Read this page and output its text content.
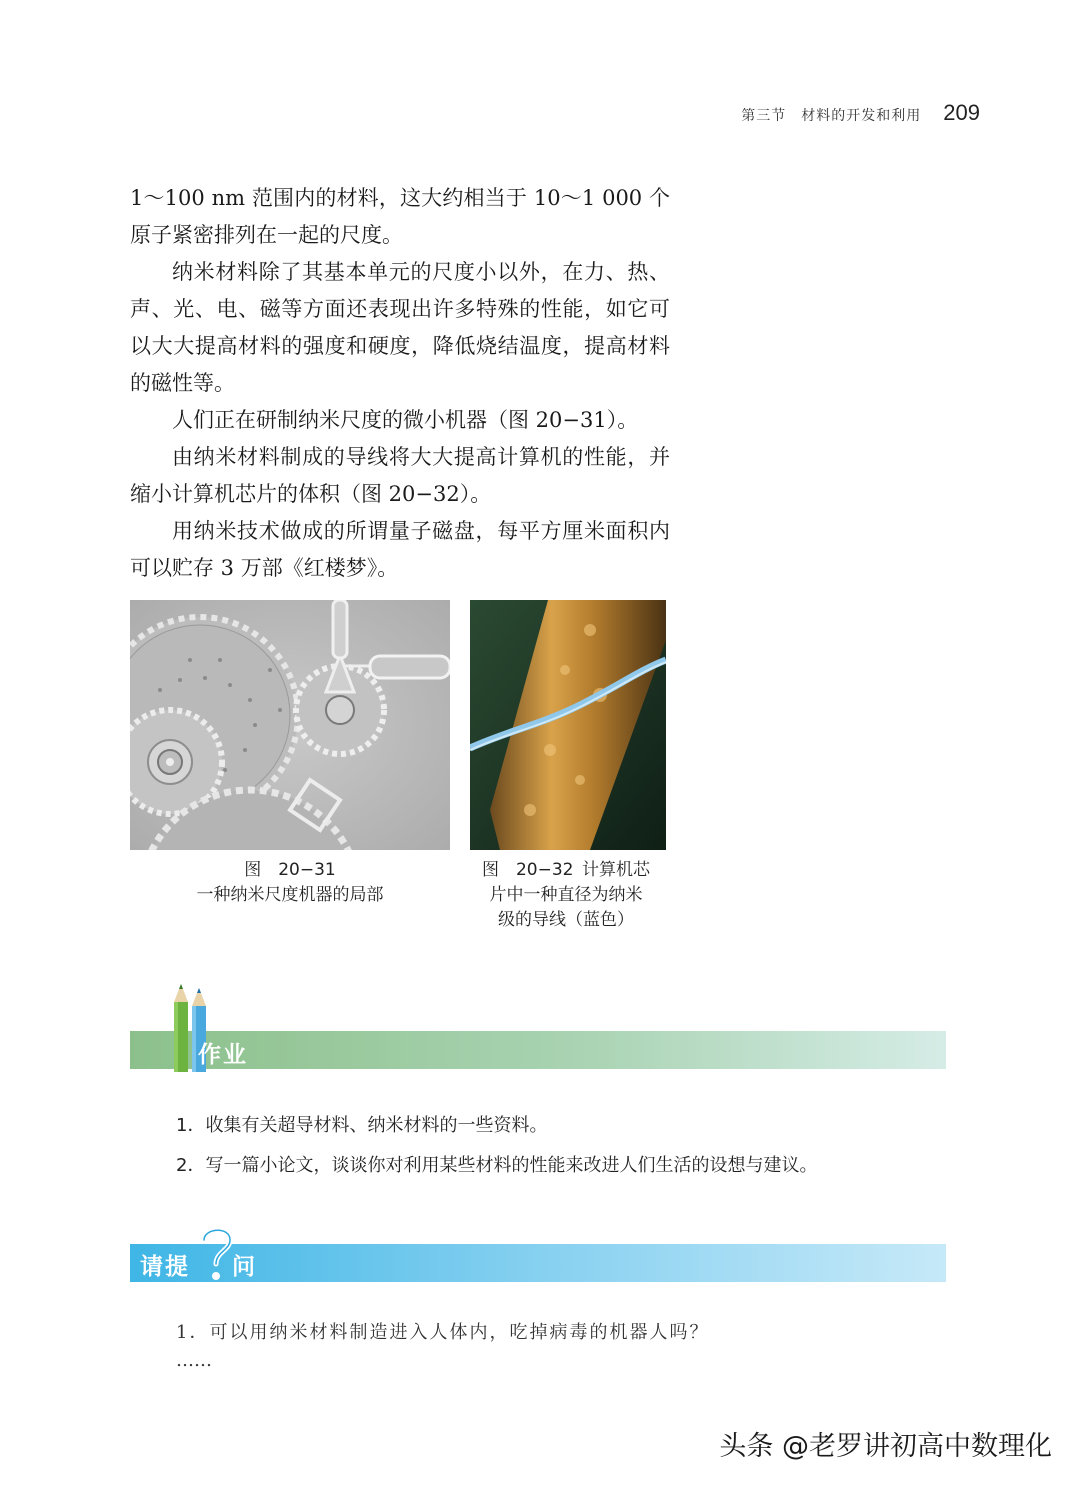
第三节　材料的开发和利用 209

1～100 nm 范围内的材料，这大约相当于 10～1 000 个原子紧密排列在一起的尺度。

纳米材料除了其基本单元的尺度小以外，在力、热、声、光、电、磁等方面还表现出许多特殊的性能，如它可以大大提高材料的强度和硬度，降低烧结温度，提高材料的磁性等。

人们正在研制纳米尺度的微小机器（图 20−31）。

由纳米材料制成的导线将大大提高计算机的性能，并缩小计算机芯片的体积（图 20−32）。

用纳米技术做成的所谓量子磁盘，每平方厘米面积内可以贮存 3 万部《红楼梦》。

图　20−31
一种纳米尺度机器的局部
图　20−32  计算机芯
片中一种直径为纳米
级的导线（蓝色）
作业
1．收集有关超导材料、纳米材料的一些资料。
2．写一篇小论文，谈谈你对利用某些材料的性能来改进人们生活的设想与建议。
请提 问
1．可以用纳米材料制造进入人体内，吃掉病毒的机器人吗？
……
头条 @老罗讲初高中数理化
